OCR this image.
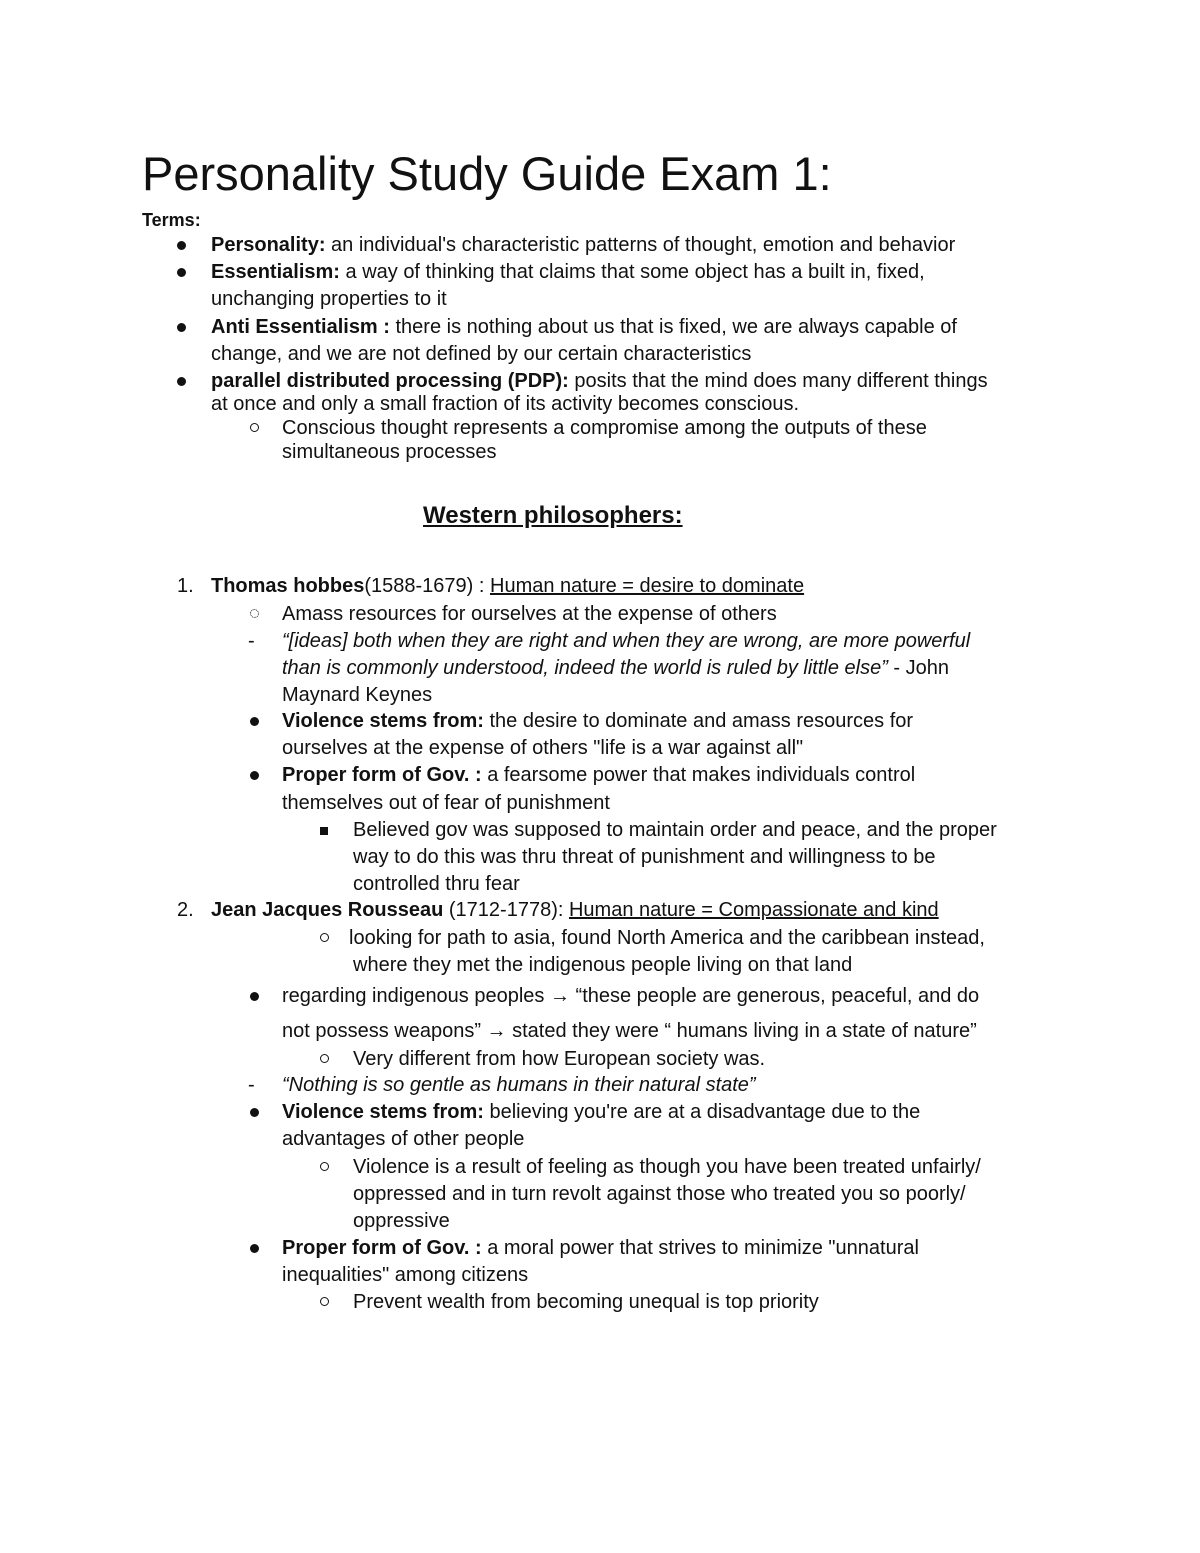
Personality Study Guide Exam 1:
Terms:
Personality: an individual's characteristic patterns of thought, emotion and behavior
Essentialism: a way of thinking that claims that some object has a built in, fixed,
unchanging properties to it
Anti Essentialism : there is nothing about us that is fixed, we are always capable of
change, and we are not defined by our certain characteristics
parallel distributed processing (PDP): posits that the mind does many different things
at once and only a small fraction of its activity becomes conscious.
Conscious thought represents a compromise among the outputs of these
simultaneous processes
Western philosophers:
1. Thomas hobbes(1588-1679) : Human nature = desire to dominate
Amass resources for ourselves at the expense of others
- “[ideas] both when they are right and when they are wrong, are more powerful
than is commonly understood, indeed the world is ruled by little else” - John
Maynard Keynes
Violence stems from: the desire to dominate and amass resources for
ourselves at the expense of others "life is a war against all"
Proper form of Gov. : a fearsome power that makes individuals control
themselves out of fear of punishment
Believed gov was supposed to maintain order and peace, and the proper
way to do this was thru threat of punishment and willingness to be
controlled thru fear
2. Jean Jacques Rousseau (1712-1778): Human nature = Compassionate and kind
looking for path to asia, found North America and the caribbean instead,
where they met the indigenous people living on that land
regarding indigenous peoples → “these people are generous, peaceful, and do
not possess weapons” → stated they were “ humans living in a state of nature”
Very different from how European society was.
- “Nothing is so gentle as humans in their natural state”
Violence stems from: believing you're are at a disadvantage due to the
advantages of other people
Violence is a result of feeling as though you have been treated unfairly/
oppressed and in turn revolt against those who treated you so poorly/
oppressive
Proper form of Gov. : a moral power that strives to minimize "unnatural
inequalities" among citizens
Prevent wealth from becoming unequal is top priority
